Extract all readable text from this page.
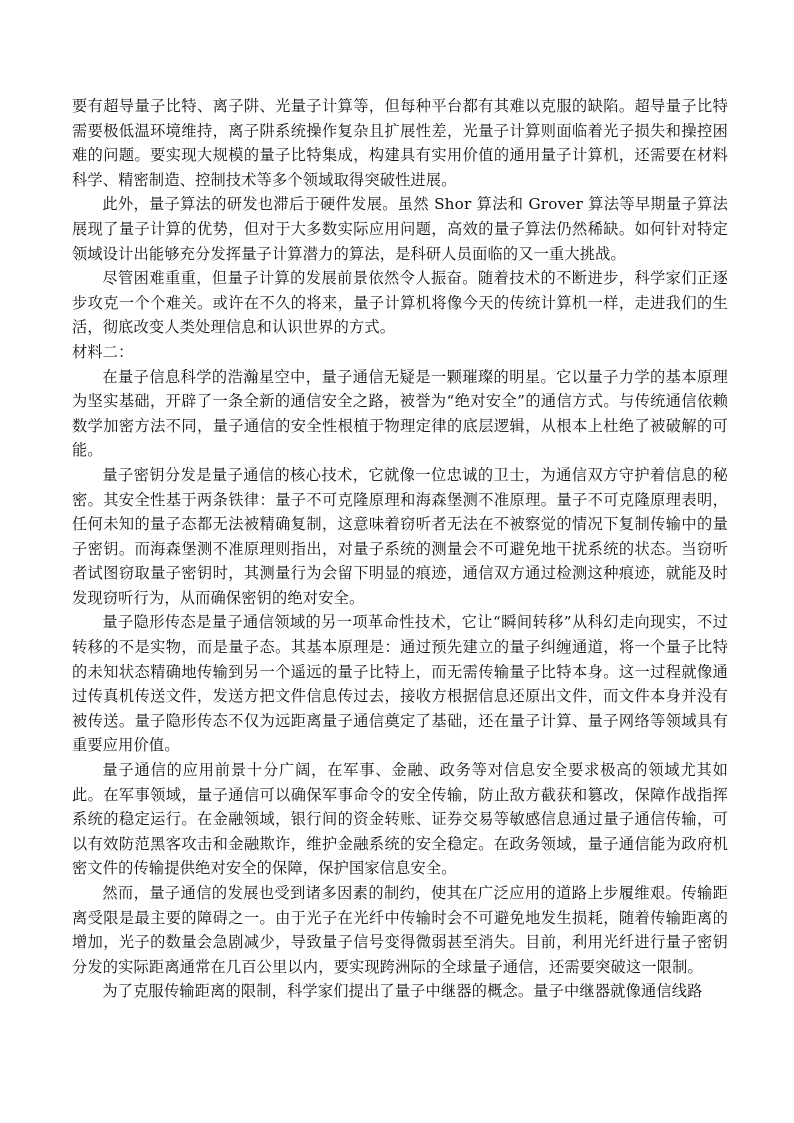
要有超导量子比特、离子阱、光量子计算等，但每种平台都有其难以克服的缺陷。超导量子比特需要极低温环境维持，离子阱系统操作复杂且扩展性差，光量子计算则面临着光子损失和操控困难的问题。要实现大规模的量子比特集成，构建具有实用价值的通用量子计算机，还需要在材料科学、精密制造、控制技术等多个领域取得突破性进展。

此外，量子算法的研发也滞后于硬件发展。虽然 Shor 算法和 Grover 算法等早期量子算法展现了量子计算的优势，但对于大多数实际应用问题，高效的量子算法仍然稀缺。如何针对特定领域设计出能够充分发挥量子计算潜力的算法，是科研人员面临的又一重大挑战。

尽管困难重重，但量子计算的发展前景依然令人振奋。随着技术的不断进步，科学家们正逐步攻克一个个难关。或许在不久的将来，量子计算机将像今天的传统计算机一样，走进我们的生活，彻底改变人类处理信息和认识世界的方式。

材料二：

在量子信息科学的浩瀚星空中，量子通信无疑是一颗璀璨的明星。它以量子力学的基本原理为坚实基础，开辟了一条全新的通信安全之路，被誉为“绝对安全”的通信方式。与传统通信依赖数学加密方法不同，量子通信的安全性根植于物理定律的底层逻辑，从根本上杜绝了被破解的可能。

量子密钥分发是量子通信的核心技术，它就像一位忠诚的卫士，为通信双方守护着信息的秘密。其安全性基于两条铁律：量子不可克隆原理和海森堡测不准原理。量子不可克隆原理表明，任何未知的量子态都无法被精确复制，这意味着窃听者无法在不被察觉的情况下复制传输中的量子密钥。而海森堡测不准原理则指出，对量子系统的测量会不可避免地干扰系统的状态。当窃听者试图窃取量子密钥时，其测量行为会留下明显的痕迹，通信双方通过检测这种痕迹，就能及时发现窃听行为，从而确保密钥的绝对安全。

量子隐形传态是量子通信领域的另一项革命性技术，它让“瞬间转移”从科幻走向现实，不过转移的不是实物，而是量子态。其基本原理是：通过预先建立的量子纠缠通道，将一个量子比特的未知状态精确地传输到另一个遥远的量子比特上，而无需传输量子比特本身。这一过程就像通过传真机传送文件，发送方把文件信息传过去，接收方根据信息还原出文件，而文件本身并没有被传送。量子隐形传态不仅为远距离量子通信奠定了基础，还在量子计算、量子网络等领域具有重要应用价值。

量子通信的应用前景十分广阔，在军事、金融、政务等对信息安全要求极高的领域尤其如此。在军事领域，量子通信可以确保军事命令的安全传输，防止敌方截获和篡改，保障作战指挥系统的稳定运行。在金融领域，银行间的资金转账、证券交易等敏感信息通过量子通信传输，可以有效防范黑客攻击和金融欺诈，维护金融系统的安全稳定。在政务领域，量子通信能为政府机密文件的传输提供绝对安全的保障，保护国家信息安全。

然而，量子通信的发展也受到诸多因素的制约，使其在广泛应用的道路上步履维艰。传输距离受限是最主要的障碍之一。由于光子在光纤中传输时会不可避免地发生损耗，随着传输距离的增加，光子的数量会急剧减少，导致量子信号变得微弱甚至消失。目前，利用光纤进行量子密钥分发的实际距离通常在几百公里以内，要实现跨洲际的全球量子通信，还需要突破这一限制。

为了克服传输距离的限制，科学家们提出了量子中继器的概念。量子中继器就像通信线路
